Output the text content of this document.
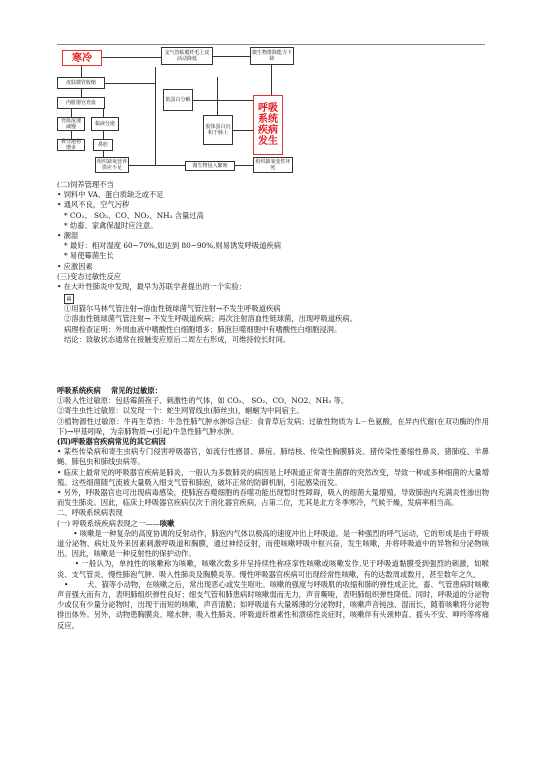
寒冷	支气管粘膜纤毛上皮活动降低
微生物排除能力下降
皮肤微管收缩
内脏器官充血
充血流速减慢	黏液分泌
鼻分泌物增多	鼻腔
低蛋白分解
胶体蛋白沉积于肺上
呼吸系统疾病发生
组织缺氧营养供应不足	微生物侵入繁殖
组织缺氧变性坏死

(二)饲养管理不当

• 饲料中 VA、蛋白质缺乏或不足

• 通风不良，空气污秽

* CO₂、 SO₂、CO、NO₂、NH₃ 含量过高

* 幼畜、家禽保温时应注意。

• 潮湿

* 最好：相对湿度 60~70%,如达到 80~90%,则易诱发呼吸道疾病

* 易使霉菌生长

• 应激因素

(三)变态过敏性反应

• 在大叶性肺炎中发现，最早为苏联学者提出的一个实验：

▤

①用猫尔马林气管注射→溶血性链球菌气管注射→不发生呼吸道疾病

②溶血性链球菌气管注射→ 不发生呼吸道疾病；再次注射溶血性链球菌，出现呼吸道疾病。

病理检查证明：外周血液中嗜酸性白细胞增多；肺泡巨噬细胞中有嗜酸性白细胞浸润。

结论：致敏状态通常在接触变应原后二周左右形成，可维持较长时间。

呼吸系统疾病    常见的过敏原：

①吸入性过敏原：包括霉菌孢子、刺激性的气体，如 CO₂、 SO₂、CO、NO2、NH₃ 等。

②寄生虫性过敏原：以发现一个：蛇生网胃线虫(肺丝虫)，蛔蛔为中间宿主。

③植物源性过敏原：牛再生草热：牛急性肺气肿水肿综合症：食青草后发病；过敏性物质为 L－色氨酸，在异内代谢(在双功酶的作用下)→甲基吲哚，为亲肺物质→(引起)牛急性肺气肿水肿。

(四)呼吸器官疾病常见的其它病因

• 某些传染病和寄生虫病专门侵害呼吸器官，如流行性感冒、鼻疽、肺结核、传染性胸膜肺炎、猪传染性萎缩性鼻炎、猪肺疫、羊鼻蝇、肺包虫和肺线虫病等。

• 临床上最常见的呼吸器官疾病是肺炎，一般认为多数肺炎的病因是上呼吸道正常寄生菌群的突然改变，导致一种或多种细菌的大量增殖。这些细菌随气流被大量吸入细支气管和肺泡，破坏正常的防御机制，引起感染而发。

• 另外，呼吸器官也可出现病毒感染，使肺泡吞噬细胞的吞噬功能出现暂时性障碍，吸入的细菌大量增殖，导致肺泡内充满炎性渗出物而发生肺炎。因此，临床上呼吸器官疾病仅次于消化器官疾病，占第二位，尤其是北方冬季寒冷，气候干燥，发病率相当高。

二、呼吸系统病表现

(一) 呼吸系统疾病表现之一——咳嗽

• 咳嗽是一种复杂的高度协调的反射动作，肺泡内气体以极高的速度冲出上呼吸道。是一种强烈的呼气运动，它的形成是由于呼吸道分泌物、病灶及外来因素刺激呼吸道和胸膜，通过神经反射，而使咳嗽呼吸中枢兴奋，发生咳嗽，并将呼吸道中的异物和分泌物咳出。因此，咳嗽是一种反射性的保护动作。

• 一般认为，单纯性的咳嗽称为咳嗽，咳嗽次数多并呈持续性称痉挛性咳嗽或咳嗽发作,见于呼吸道黏膜受到强烈的刺激，如喉炎、支气管炎、慢性肺泡气肿、吸入性肺炎及胸膜炎等。慢性呼吸器官疾病可出现经常性咳嗽，有的达数周或数月，甚至数年之久。

•        犬、猫等小动物，在咳嗽之后，常出现恶心或发生呕吐。咳嗽的强度与呼吸肌的收缩和肺的弹性成正比，畜、气管患病时咳嗽声音强大而有力，表明肺组织弹性良好；细支气管和肺患病时咳嗽弱而无力，声音嘶哑，表明肺组织弹性降低。同时，呼吸道的分泌物少或仅有少量分泌物时，出现干而短的咳嗽，声音清脆；如呼吸道有大量稀薄的分泌物时，咳嗽声音钝浊、湿而长，随着咳嗽将分泌物排出体外。另外，动物患胸膜炎、喉水肿、吸入性肺炎、呼吸道纤维素性和溃疡性炎症时，咳嗽伴有头颈伸直、摇头不安、呻吟等疼痛反应。
